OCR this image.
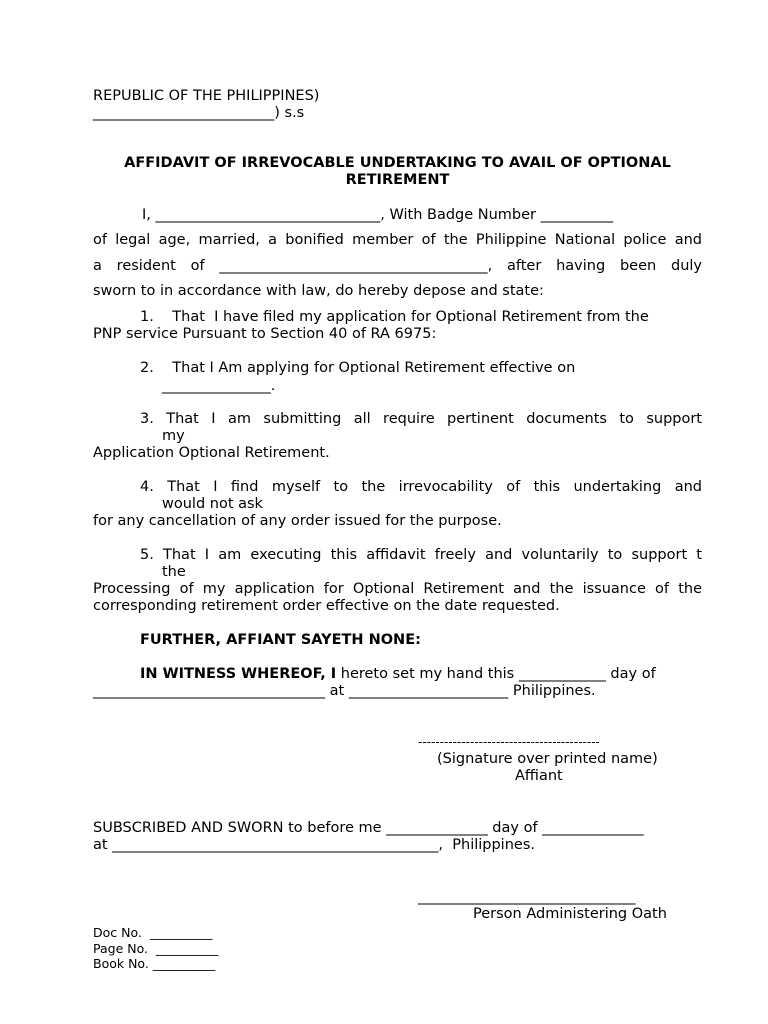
REPUBLIC OF THE PHILIPPINES)
_________________________) s.s
AFFIDAVIT OF IRREVOCABLE UNDERTAKING TO AVAIL OF OPTIONAL
RETIREMENT
I, _______________________________, With Badge Number __________
of legal age, married, a bonified member of the Philippine National police and
a resident of _____________________________________, after having been duly
sworn to in accordance with law, do hereby depose and state:
1.    That  I have filed my application for Optional Retirement from the
PNP service Pursuant to Section 40 of RA 6975:
2.    That I Am applying for Optional Retirement effective on
_______________.
3. That I am submitting all require pertinent documents to support
my
Application Optional Retirement.
4. That I find myself to the irrevocability of this undertaking and
would not ask
for any cancellation of any order issued for the purpose.
5. That I am executing this affidavit freely and voluntarily to support t
the
Processing of my application for Optional Retirement and the issuance of the
corresponding retirement order effective on the date requested.
FURTHER, AFFIANT SAYETH NONE:
IN WITNESS WHEREOF, I hereto set my hand this ____________ day of
________________________________ at ______________________ Philippines.
------------------------------------------
(Signature over printed name)
Affiant
SUBSCRIBED AND SWORN to before me ______________ day of ______________
at _____________________________________________,  Philippines.
______________________________
Person Administering Oath
Doc No.  __________
Page No.  __________
Book No. __________
